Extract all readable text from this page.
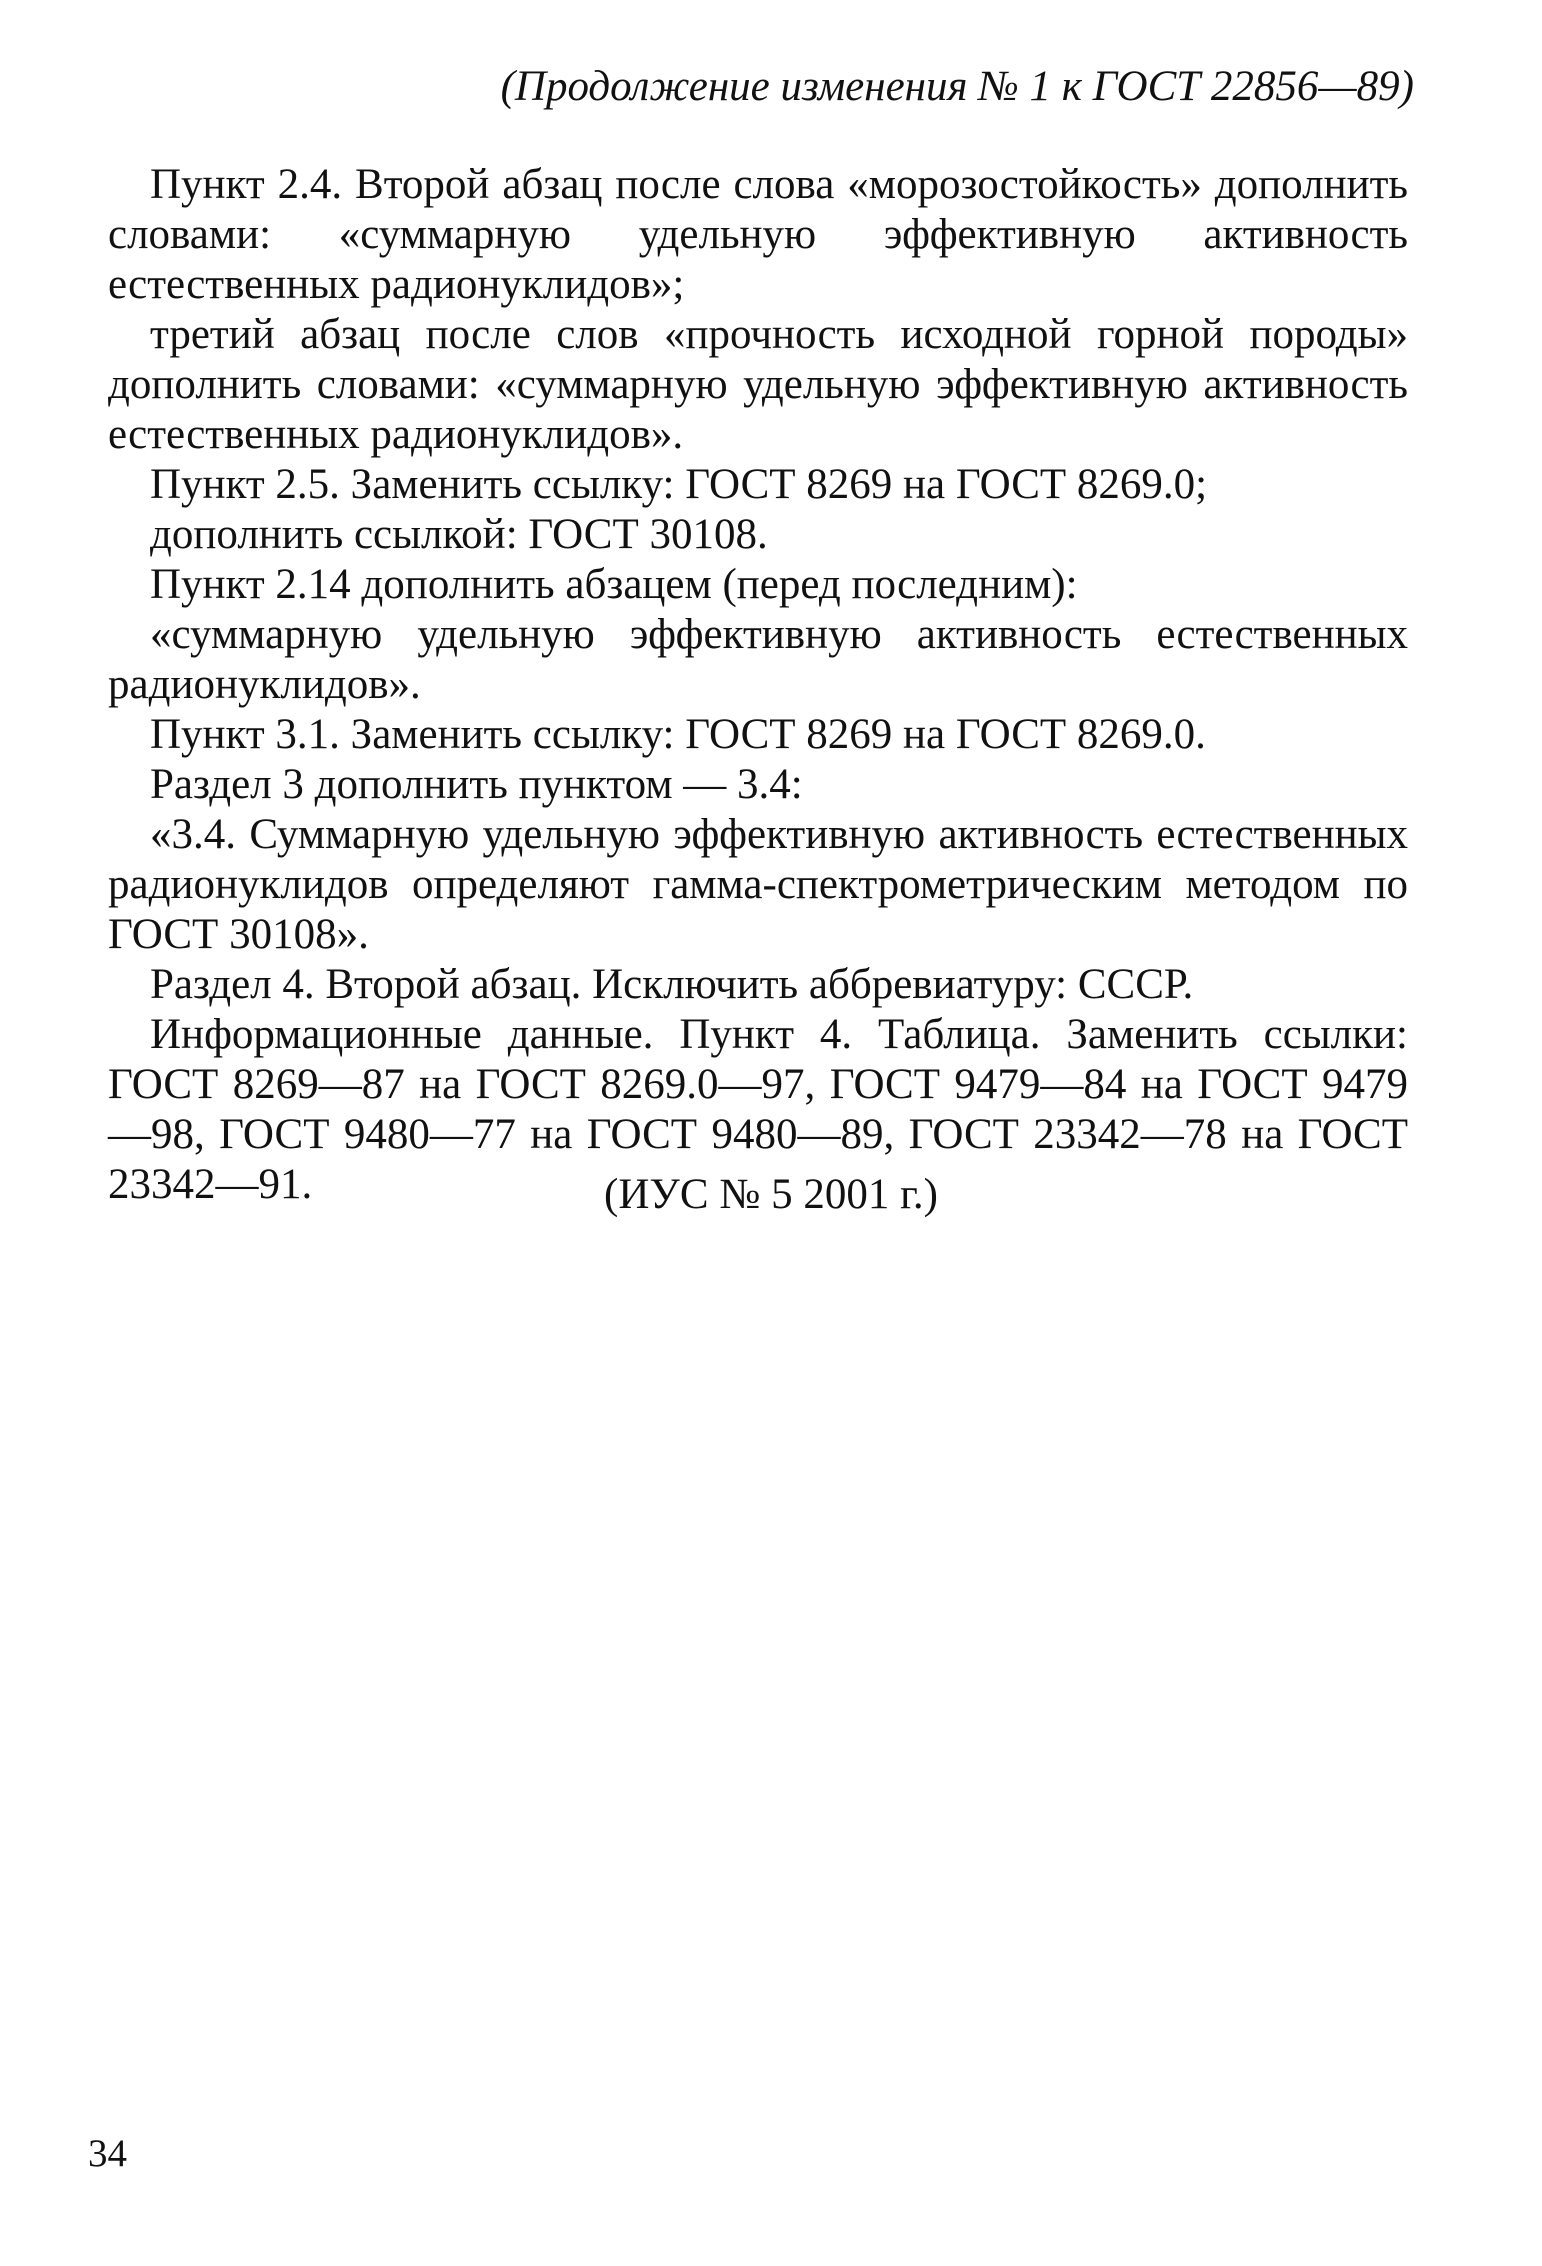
(Продолжение изменения № 1 к ГОСТ 22856—89)

Пункт 2.4. Второй абзац после слова «морозостойкость» дополнить словами: «суммарную удельную эффективную активность естественных радионуклидов»;

третий абзац после слов «прочность исходной горной породы» дополнить словами: «суммарную удельную эффективную активность естественных радионуклидов».

Пункт 2.5. Заменить ссылку: ГОСТ 8269 на ГОСТ 8269.0;

дополнить ссылкой: ГОСТ 30108.

Пункт 2.14 дополнить абзацем (перед последним):

«суммарную удельную эффективную активность естественных радионуклидов».

Пункт 3.1. Заменить ссылку: ГОСТ 8269 на ГОСТ 8269.0.

Раздел 3 дополнить пунктом — 3.4:

«3.4. Суммарную удельную эффективную активность естественных радионуклидов определяют гамма-спектрометрическим методом по ГОСТ 30108».

Раздел 4. Второй абзац. Исключить аббревиатуру: СССР.

Информационные данные. Пункт 4. Таблица. Заменить ссылки: ГОСТ 8269—87 на ГОСТ 8269.0—97, ГОСТ 9479—84 на ГОСТ 9479—98, ГОСТ 9480—77 на ГОСТ 9480—89, ГОСТ 23342—78 на ГОСТ 23342—91.	(ИУС № 5 2001 г.)
34
